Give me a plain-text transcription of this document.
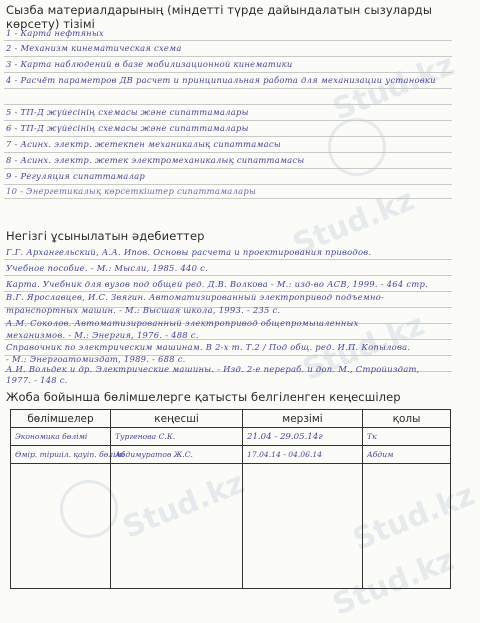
Stud.kz
Stud.kz
Stud.kz
Stud.kz
Stud.kz
Stud.kz
Сызба материалдарының (міндетті түрде дайындалатын сызуларды көрсету) тізімі
1 - Карта нефтяных
2 - Механизм кинематическая схема
3 - Карта наблюдений в базе мобилизационной кинематики
4 - Расчёт параметров ДВ расчет и принципиальная работа для механизации установки
5 - ТП-Д жүйесінің схемасы және сипаттамалары
6 - ТП-Д жүйесінің схемасы және сипаттамалары
7 - Асинх. электр. жетекпен механикалық сипаттамасы
8 - Асинх. электр. жетек электромеханикалық сипаттамасы
9 - Регуляция сипаттамалар
10 - Энергетикалық көрсеткіштер сипаттамалары
Негізгі ұсынылатын әдебиеттер
Г.Г. Архангельский, А.А. Ипов. Основы расчета и проектирования приводов.
Учебное пособие. - М.: Мысли, 1985. 440 с.
Карта. Учебник для вузов под общей ред. Д.В. Волкова - М.: изд-во АСВ, 1999. - 464 стр.
В.Г. Ярославцев, И.С. Звягин. Автоматизированный электропривод подъемно-
транспортных машин. - М.: Высшая школа, 1993. - 235 с.
А.М. Соколов. Автоматизированный электропривод общепромышленных
механизмов. - М.: Энергия, 1976. - 488 с.
Справочник по электрическим машинам. В 2-х т. Т.2 / Под общ. ред. И.П. Копылова.
- М.: Энергоатомиздат, 1989. - 688 с.
А.И. Вольдек и др. Электрические машины. - Изд. 2-е перераб. и доп. М., Стройиздат,
1977. - 148 с.
Жоба бойынша бөлімшелерге қатысты белгіленген кеңесшілер
бөлімшелер	кеңесші	мерзімі	қолы
Экономика бөлімі	Тургенова С.К.	21.04 - 29.05.14г	Тк
Өмір. тіршіл. қауіп. бөлімі	Абдимуратов Ж.С.	17.04.14 - 04.06.14	Абдим
